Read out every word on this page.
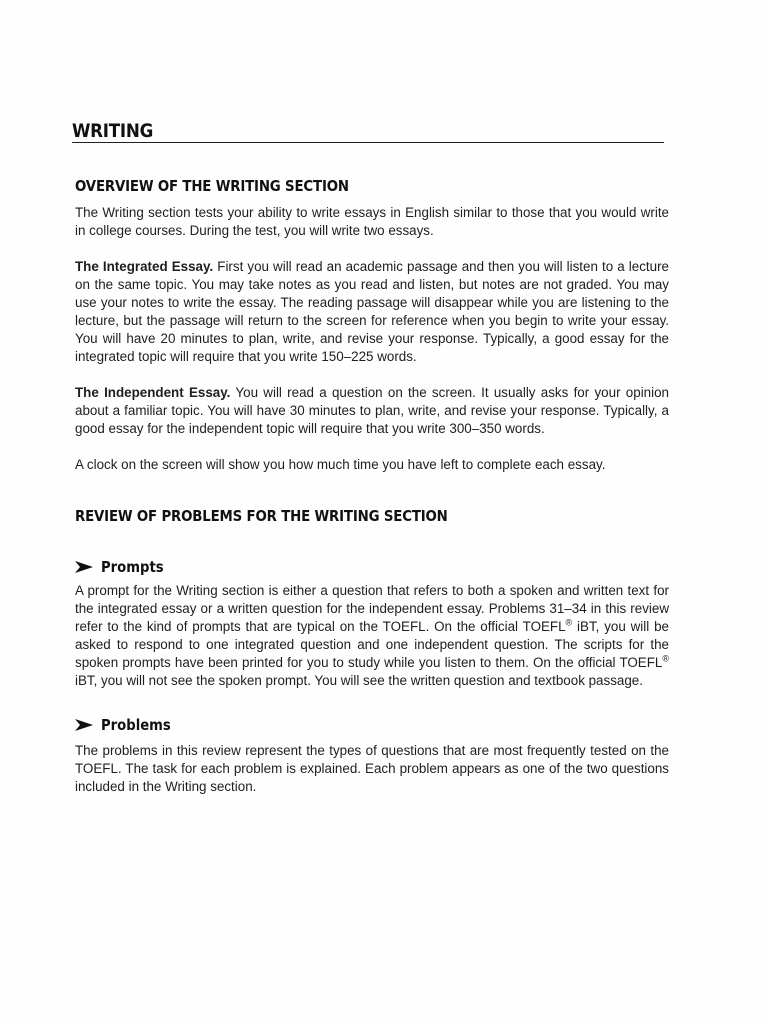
WRITING
OVERVIEW OF THE WRITING SECTION

The Writing section tests your ability to write essays in English similar to those that you would write in college courses. During the test, you will write two essays.

The Integrated Essay. First you will read an academic passage and then you will listen to a lecture on the same topic. You may take notes as you read and listen, but notes are not graded. You may use your notes to write the essay. The reading passage will disappear while you are listening to the lecture, but the passage will return to the screen for reference when you begin to write your essay. You will have 20 minutes to plan, write, and revise your response. Typically, a good essay for the integrated topic will require that you write 150–225 words.

The Independent Essay. You will read a question on the screen. It usually asks for your opinion about a familiar topic. You will have 30 minutes to plan, write, and revise your response. Typically, a good essay for the independent topic will require that you write 300–350 words.

A clock on the screen will show you how much time you have left to complete each essay.

REVIEW OF PROBLEMS FOR THE WRITING SECTION
Prompts

A prompt for the Writing section is either a question that refers to both a spoken and written text for the integrated essay or a written question for the independent essay. Problems 31–34 in this review refer to the kind of prompts that are typical on the TOEFL. On the official TOEFL® iBT, you will be asked to respond to one integrated question and one independent question. The scripts for the spoken prompts have been printed for you to study while you listen to them. On the official TOEFL® iBT, you will not see the spoken prompt. You will see the written question and textbook passage.

Problems

The problems in this review represent the types of questions that are most frequently tested on the TOEFL. The task for each problem is explained. Each problem appears as one of the two questions included in the Writing section.
